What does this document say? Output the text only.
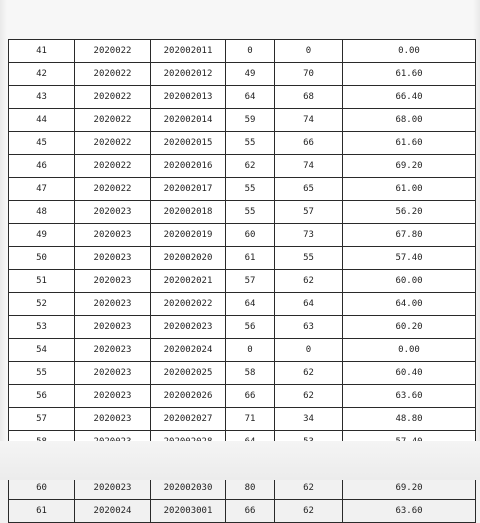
41	2020022	202002011	0	0	0.00
42	2020022	202002012	49	70	61.60
43	2020022	202002013	64	68	66.40
44	2020022	202002014	59	74	68.00
45	2020022	202002015	55	66	61.60
46	2020022	202002016	62	74	69.20
47	2020022	202002017	55	65	61.00
48	2020023	202002018	55	57	56.20
49	2020023	202002019	60	73	67.80
50	2020023	202002020	61	55	57.40
51	2020023	202002021	57	62	60.00
52	2020023	202002022	64	64	64.00
53	2020023	202002023	56	63	60.20
54	2020023	202002024	0	0	0.00
55	2020023	202002025	58	62	60.40
56	2020023	202002026	66	62	63.60
57	2020023	202002027	71	34	48.80

60	2020023	202002030	80	62	69.20
61	2020024	202003001	66	62	63.60
